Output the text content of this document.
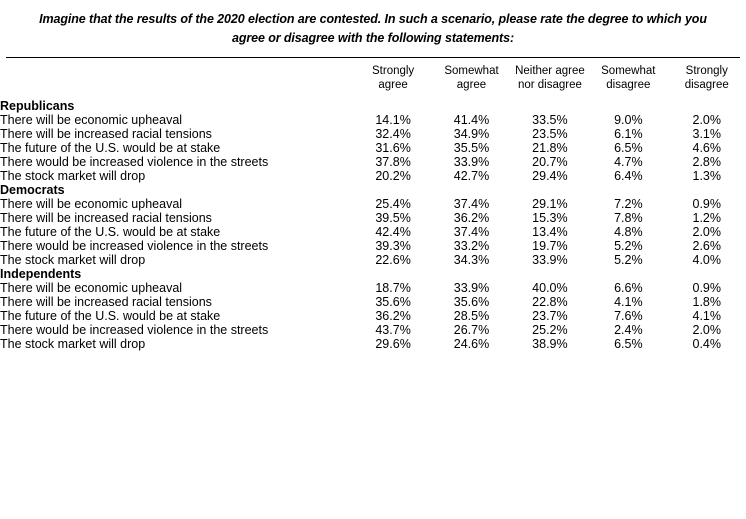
Imagine that the results of the 2020 election are contested. In such a scenario, please rate the degree to which you agree or disagree with the following statements:
	Strongly
agree	Somewhat
agree	Neither agree
nor disagree	Somewhat
disagree	Strongly
disagree

Republicans					
There will be economic upheaval	14.1%	41.4%	33.5%	9.0%	2.0%
There will be increased racial tensions	32.4%	34.9%	23.5%	6.1%	3.1%
The future of the U.S. would be at stake	31.6%	35.5%	21.8%	6.5%	4.6%
There would be increased violence in the streets	37.8%	33.9%	20.7%	4.7%	2.8%
The stock market will drop	20.2%	42.7%	29.4%	6.4%	1.3%
Democrats					
There will be economic upheaval	25.4%	37.4%	29.1%	7.2%	0.9%
There will be increased racial tensions	39.5%	36.2%	15.3%	7.8%	1.2%
The future of the U.S. would be at stake	42.4%	37.4%	13.4%	4.8%	2.0%
There would be increased violence in the streets	39.3%	33.2%	19.7%	5.2%	2.6%
The stock market will drop	22.6%	34.3%	33.9%	5.2%	4.0%
Independents					
There will be economic upheaval	18.7%	33.9%	40.0%	6.6%	0.9%
There will be increased racial tensions	35.6%	35.6%	22.8%	4.1%	1.8%
The future of the U.S. would be at stake	36.2%	28.5%	23.7%	7.6%	4.1%
There would be increased violence in the streets	43.7%	26.7%	25.2%	2.4%	2.0%
The stock market will drop	29.6%	24.6%	38.9%	6.5%	0.4%
